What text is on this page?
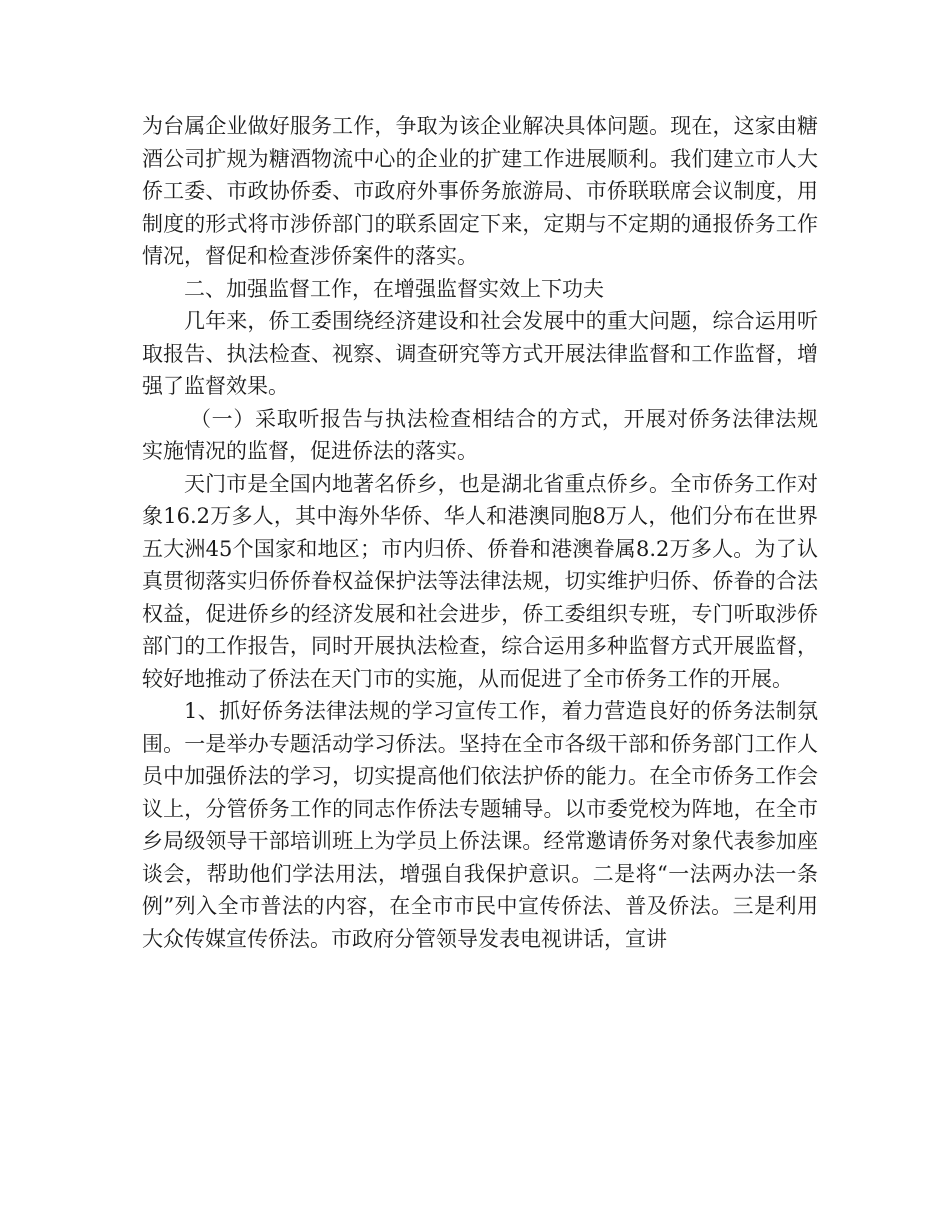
为台属企业做好服务工作，争取为该企业解决具体问题。现在，这家由糖酒公司扩规为糖酒物流中心的企业的扩建工作进展顺利。我们建立市人大侨工委、市政协侨委、市政府外事侨务旅游局、市侨联联席会议制度，用制度的形式将市涉侨部门的联系固定下来，定期与不定期的通报侨务工作情况，督促和检查涉侨案件的落实。

二、加强监督工作，在增强监督实效上下功夫

几年来，侨工委围绕经济建设和社会发展中的重大问题，综合运用听取报告、执法检查、视察、调查研究等方式开展法律监督和工作监督，增强了监督效果。

（一）采取听报告与执法检查相结合的方式，开展对侨务法律法规实施情况的监督，促进侨法的落实。

天门市是全国内地著名侨乡，也是湖北省重点侨乡。全市侨务工作对象16.2万多人，其中海外华侨、华人和港澳同胞8万人，他们分布在世界五大洲45个国家和地区；市内归侨、侨眷和港澳眷属8.2万多人。为了认真贯彻落实归侨侨眷权益保护法等法律法规，切实维护归侨、侨眷的合法权益，促进侨乡的经济发展和社会进步，侨工委组织专班，专门听取涉侨部门的工作报告，同时开展执法检查，综合运用多种监督方式开展监督，较好地推动了侨法在天门市的实施，从而促进了全市侨务工作的开展。

1、抓好侨务法律法规的学习宣传工作，着力营造良好的侨务法制氛围。一是举办专题活动学习侨法。坚持在全市各级干部和侨务部门工作人员中加强侨法的学习，切实提高他们依法护侨的能力。在全市侨务工作会议上，分管侨务工作的同志作侨法专题辅导。以市委党校为阵地，在全市乡局级领导干部培训班上为学员上侨法课。经常邀请侨务对象代表参加座谈会，帮助他们学法用法，增强自我保护意识。二是将“一法两办法一条例”列入全市普法的内容，在全市市民中宣传侨法、普及侨法。三是利用大众传媒宣传侨法。市政府分管领导发表电视讲话，宣讲
